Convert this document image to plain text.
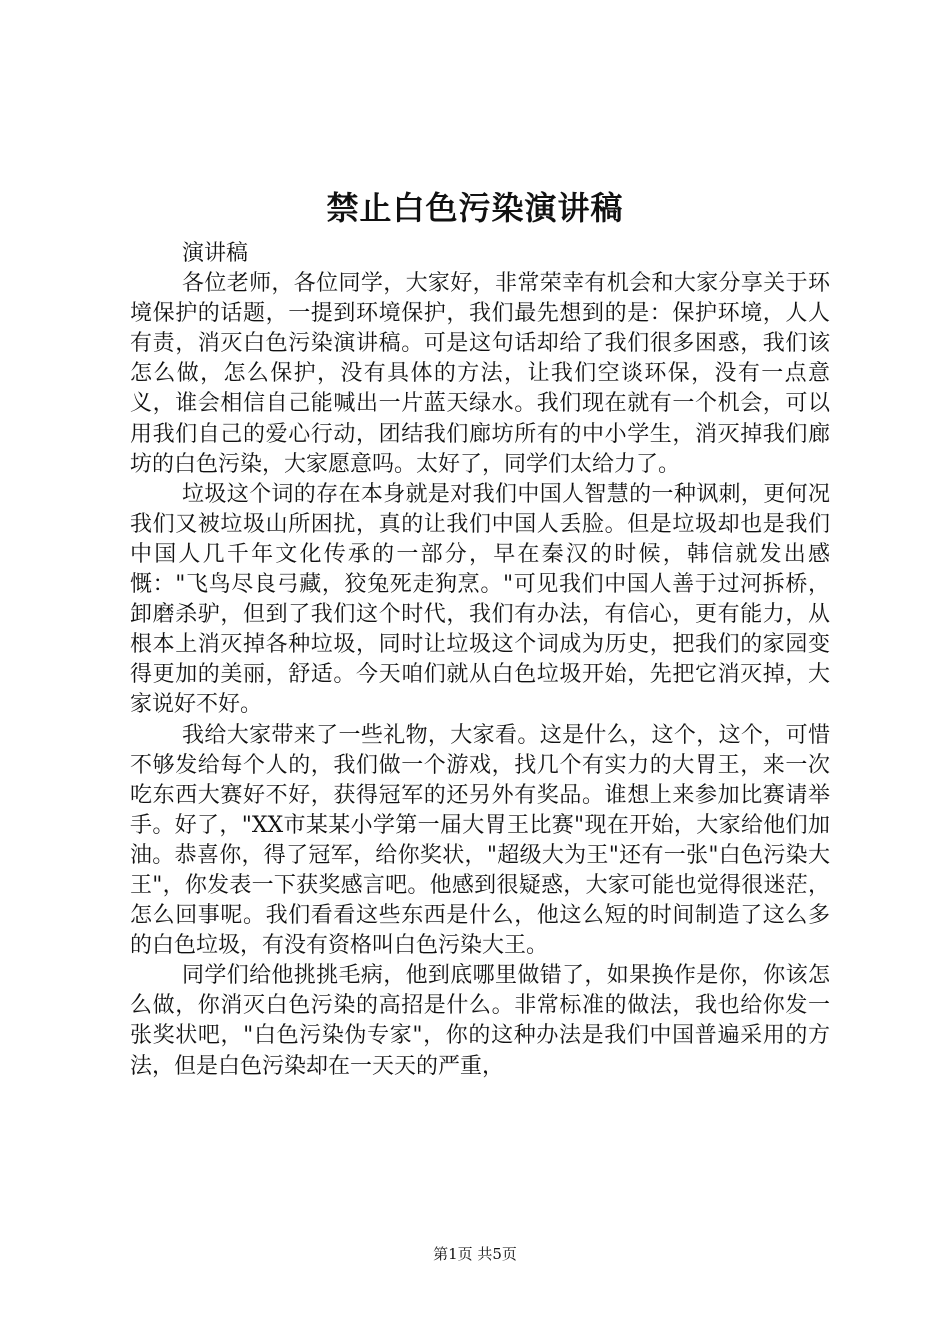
禁止白色污染演讲稿

演讲稿

各位老师，各位同学，大家好，非常荣幸有机会和大家分享关于环境保护的话题，一提到环境保护，我们最先想到的是：保护环境，人人有责，消灭白色污染演讲稿。可是这句话却给了我们很多困惑，我们该怎么做，怎么保护，没有具体的方法，让我们空谈环保，没有一点意义，谁会相信自己能喊出一片蓝天绿水。我们现在就有一个机会，可以用我们自己的爱心行动，团结我们廊坊所有的中小学生，消灭掉我们廊坊的白色污染，大家愿意吗。太好了，同学们太给力了。

垃圾这个词的存在本身就是对我们中国人智慧的一种讽刺，更何况我们又被垃圾山所困扰，真的让我们中国人丢脸。但是垃圾却也是我们中国人几千年文化传承的一部分，早在秦汉的时候，韩信就发出感慨："飞鸟尽良弓藏，狡兔死走狗烹。"可见我们中国人善于过河拆桥，卸磨杀驴，但到了我们这个时代，我们有办法，有信心，更有能力，从根本上消灭掉各种垃圾，同时让垃圾这个词成为历史，把我们的家园变得更加的美丽，舒适。今天咱们就从白色垃圾开始，先把它消灭掉，大家说好不好。

我给大家带来了一些礼物，大家看。这是什么，这个，这个，可惜不够发给每个人的，我们做一个游戏，找几个有实力的大胃王，来一次吃东西大赛好不好，获得冠军的还另外有奖品。谁想上来参加比赛请举手。好了，"XX市某某小学第一届大胃王比赛"现在开始，大家给他们加油。恭喜你，得了冠军，给你奖状，"超级大为王"还有一张"白色污染大王"，你发表一下获奖感言吧。他感到很疑惑，大家可能也觉得很迷茫，怎么回事呢。我们看看这些东西是什么，他这么短的时间制造了这么多的白色垃圾，有没有资格叫白色污染大王。

同学们给他挑挑毛病，他到底哪里做错了，如果换作是你，你该怎么做，你消灭白色污染的高招是什么。非常标准的做法，我也给你发一张奖状吧，"白色污染伪专家"，你的这种办法是我们中国普遍采用的方法，但是白色污染却在一天天的严重，

第1页 共5页
